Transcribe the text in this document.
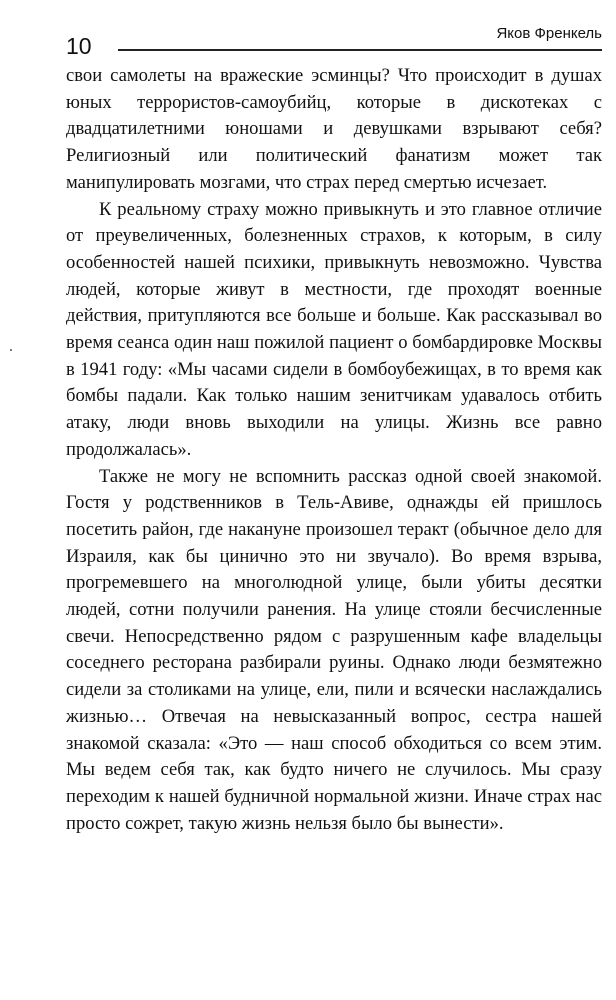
10	Яков Френкель

свои самолеты на вражеские эсминцы? Что происходит в душах юных террористов-самоубийц, которые в дискотеках с двадцатилетними юношами и девушками взрывают себя? Религиозный или политический фанатизм может так манипулировать мозгами, что страх перед смертью исчезает.

К реальному страху можно привыкнуть и это главное отличие от преувеличенных, болезненных страхов, к которым, в силу особенностей нашей психики, привыкнуть невозможно. Чувства людей, которые живут в местности, где проходят военные действия, притупляются все больше и больше. Как рассказывал во время сеанса один наш пожилой пациент о бомбардировке Москвы в 1941 году: «Мы часами сидели в бомбоубежищах, в то время как бомбы падали. Как только нашим зенитчикам удавалось отбить атаку, люди вновь выходили на улицы. Жизнь все равно продолжалась».

Также не могу не вспомнить рассказ одной своей знакомой. Гостя у родственников в Тель-Авиве, однажды ей пришлось посетить район, где накануне произошел теракт (обычное дело для Израиля, как бы цинично это ни звучало). Во время взрыва, прогремевшего на многолюдной улице, были убиты десятки людей, сотни получили ранения. На улице стояли бесчисленные свечи. Непосредственно рядом с разрушенным кафе владельцы соседнего ресторана разбирали руины. Однако люди безмятежно сидели за столиками на улице, ели, пили и всячески наслаждались жизнью… Отвечая на невысказанный вопрос, сестра нашей знакомой сказала: «Это — наш способ обходиться со всем этим. Мы ведем себя так, как будто ничего не случилось. Мы сразу переходим к нашей будничной нормальной жизни. Иначе страх нас просто сожрет, такую жизнь нельзя было бы вынести».
